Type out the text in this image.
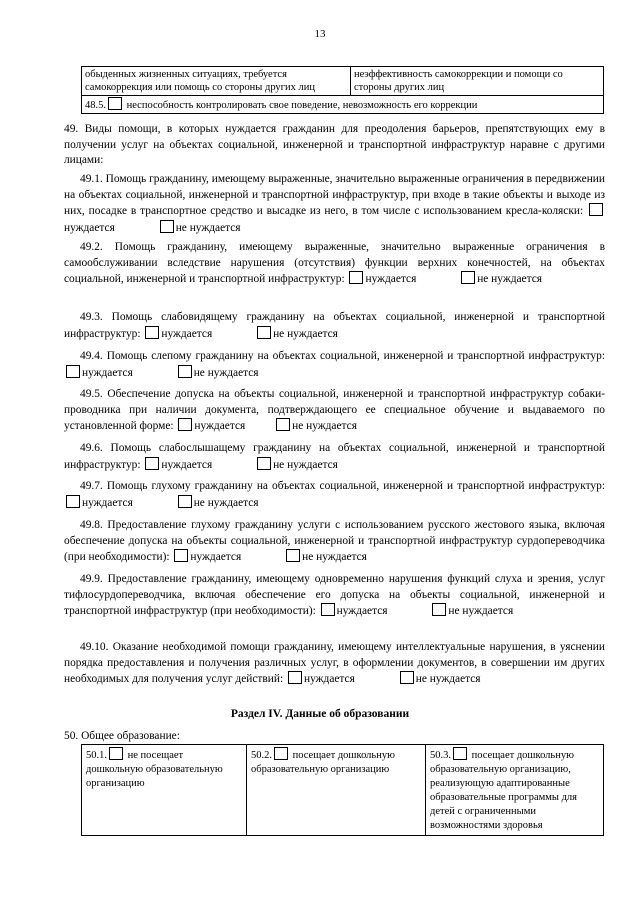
13
обыденных жизненных ситуациях, требуется самокоррекция или помощь со стороны других лиц	неэффективность самокоррекции и помощи со стороны других лиц
48.5. неспособность контролировать свое поведение, невозможность его коррекции
49. Виды помощи, в которых нуждается гражданин для преодоления барьеров, препятствующих ему в получении услуг на объектах социальной, инженерной и транспортной инфраструктур наравне с другими лицами:
49.1. Помощь гражданину, имеющему выраженные, значительно выраженные ограничения в передвижении на объектах социальной, инженерной и транспортной инфраструктур, при входе в такие объекты и выходе из них, посадке в транспортное средство и высадке из него, в том числе с использованием кресла-коляски: нуждается	не нуждается
49.2. Помощь гражданину, имеющему выраженные, значительно выраженные ограничения в самообслуживании вследствие нарушения (отсутствия) функции верхних конечностей, на объектах социальной, инженерной и транспортной инфраструктур: нуждается	не нуждается
49.3. Помощь слабовидящему гражданину на объектах социальной, инженерной и транспортной инфраструктур: нуждается	не нуждается
49.4. Помощь слепому гражданину на объектах социальной, инженерной и транспортной инфраструктур: нуждается	не нуждается
49.5. Обеспечение допуска на объекты социальной, инженерной и транспортной инфраструктур собаки-проводника при наличии документа, подтверждающего ее специальное обучение и выдаваемого по установленной форме: нуждается	не нуждается
49.6. Помощь слабослышащему гражданину на объектах социальной, инженерной и транспортной инфраструктур: нуждается	не нуждается
49.7. Помощь глухому гражданину на объектах социальной, инженерной и транспортной инфраструктур: нуждается	не нуждается
49.8. Предоставление глухому гражданину услуги с использованием русского жестового языка, включая обеспечение допуска на объекты социальной, инженерной и транспортной инфраструктур сурдопереводчика (при необходимости): нуждается	не нуждается
49.9. Предоставление гражданину, имеющему одновременно нарушения функций слуха и зрения, услуг тифлосурдопереводчика, включая обеспечение его допуска на объекты социальной, инженерной и транспортной инфраструктур (при необходимости): нуждается	не нуждается
49.10. Оказание необходимой помощи гражданину, имеющему интеллектуальные нарушения, в уяснении порядка предоставления и получения различных услуг, в оформлении документов, в совершении им других необходимых для получения услуг действий: нуждается	не нуждается
Раздел IV. Данные об образовании
50. Общее образование:
50.1. не посещает дошкольную образовательную организацию	50.2. посещает дошкольную образовательную организацию	50.3. посещает дошкольную образовательную организацию, реализующую адаптированные образовательные программы для детей с ограниченными возможностями здоровья
